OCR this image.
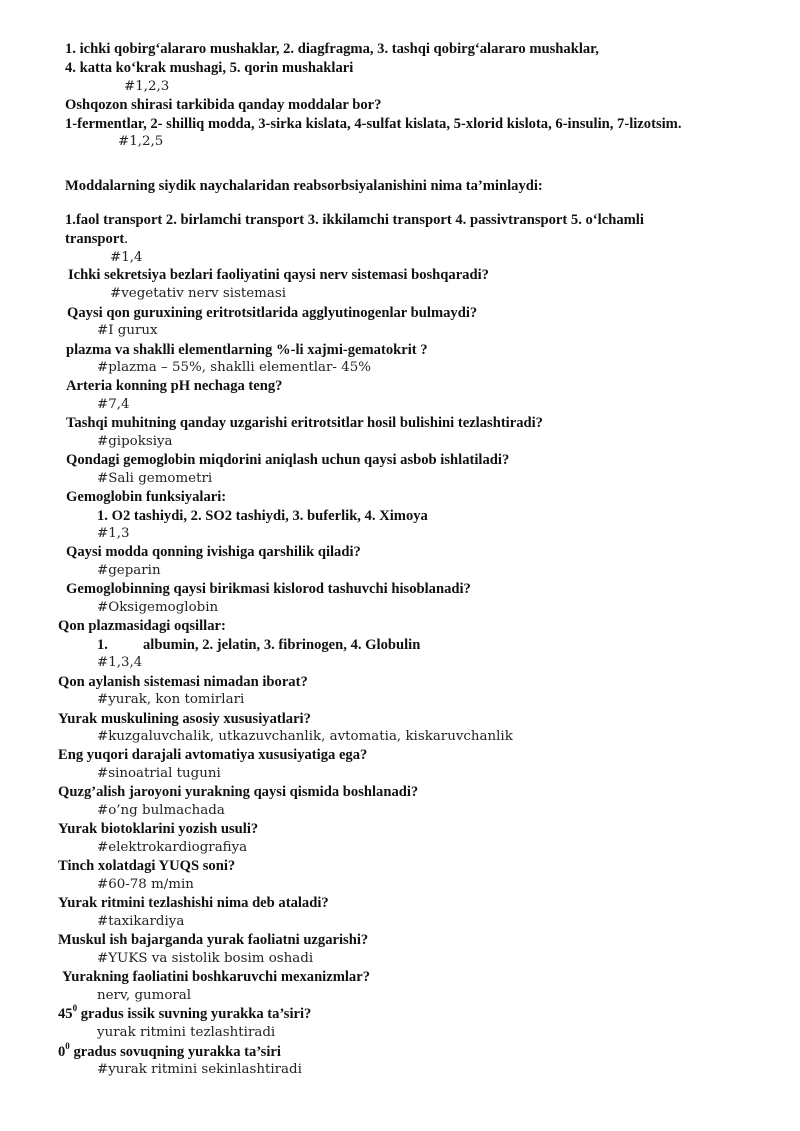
1. ichki qobirg‘alararo mushaklar, 2. diagfragma, 3. tashqi qobirg‘alararo mushaklar,
4. katta ko‘krak mushagi, 5. qorin mushaklari
#1,2,3
Oshqozon shirasi tarkibida qanday moddalar bor?
1-fermentlar, 2- shilliq modda, 3-sirka kislata, 4-sulfat kislata, 5-xlorid kislota, 6-insulin, 7-lizotsim.
#1,2,5
Moddalarning siydik naychalaridan reabsorbsiyalanishini nima ta’minlaydi:
1.faol transport 2. birlamchi transport 3. ikkilamchi transport 4. passivtransport 5. o‘lchamli
transport.
#1,4
Ichki sekretsiya bezlari faoliyatini qaysi nerv sistemasi boshqaradi?
#vegetativ nerv sistemasi
Qaysi qon guruxining eritrotsitlarida agglyutinogenlar bulmaydi?
#I gurux
plazma va shaklli elementlarning %-li xajmi-gematokrit ?
#plazma – 55%, shaklli elementlar- 45%
Arteria konning pH nechaga teng?
#7,4
Tashqi muhitning qanday uzgarishi eritrotsitlar hosil bulishini tezlashtiradi?
#gipoksiya
Qondagi gemoglobin miqdorini aniqlash uchun qaysi asbob ishlatiladi?
#Sali gemometri
Gemoglobin funksiyalari:
1. O2 tashiydi, 2. SO2 tashiydi, 3. buferlik, 4. Ximoya
#1,3
Qaysi modda qonning ivishiga qarshilik qiladi?
#geparin
Gemoglobinning qaysi birikmasi kislorod tashuvchi hisoblanadi?
#Oksigemoglobin
Qon plazmasidagi oqsillar:
1. albumin, 2. jelatin, 3. fibrinogen, 4. Globulin
#1,3,4
Qon aylanish sistemasi nimadan iborat?
#yurak, kon tomirlari
Yurak muskulining asosiy xususiyatlari?
#kuzgaluvchalik, utkazuvchanlik, avtomatia, kiskaruvchanlik
Eng yuqori darajali avtomatiya xususiyatiga ega?
#sinoatrial tuguni
Quzg’alish jaroyoni yurakning qaysi qismida boshlanadi?
#o’ng bulmachada
Yurak biotoklarini yozish usuli?
#elektrokardiografiya
Tinch xolatdagi YUQS soni?
#60-78 m/min
Yurak ritmini tezlashishi nima deb ataladi?
#taxikardiya
Muskul ish bajarganda yurak faoliatni uzgarishi?
#YUKS va sistolik bosim oshadi
Yurakning faoliatini boshkaruvchi mexanizmlar?
nerv, gumoral
$45^0$ gradus issik suvning yurakka ta’siri?
yurak ritmini tezlashtiradi
$0^0$ gradus sovuqning yurakka ta’siri
#yurak ritmini sekinlashtiradi
